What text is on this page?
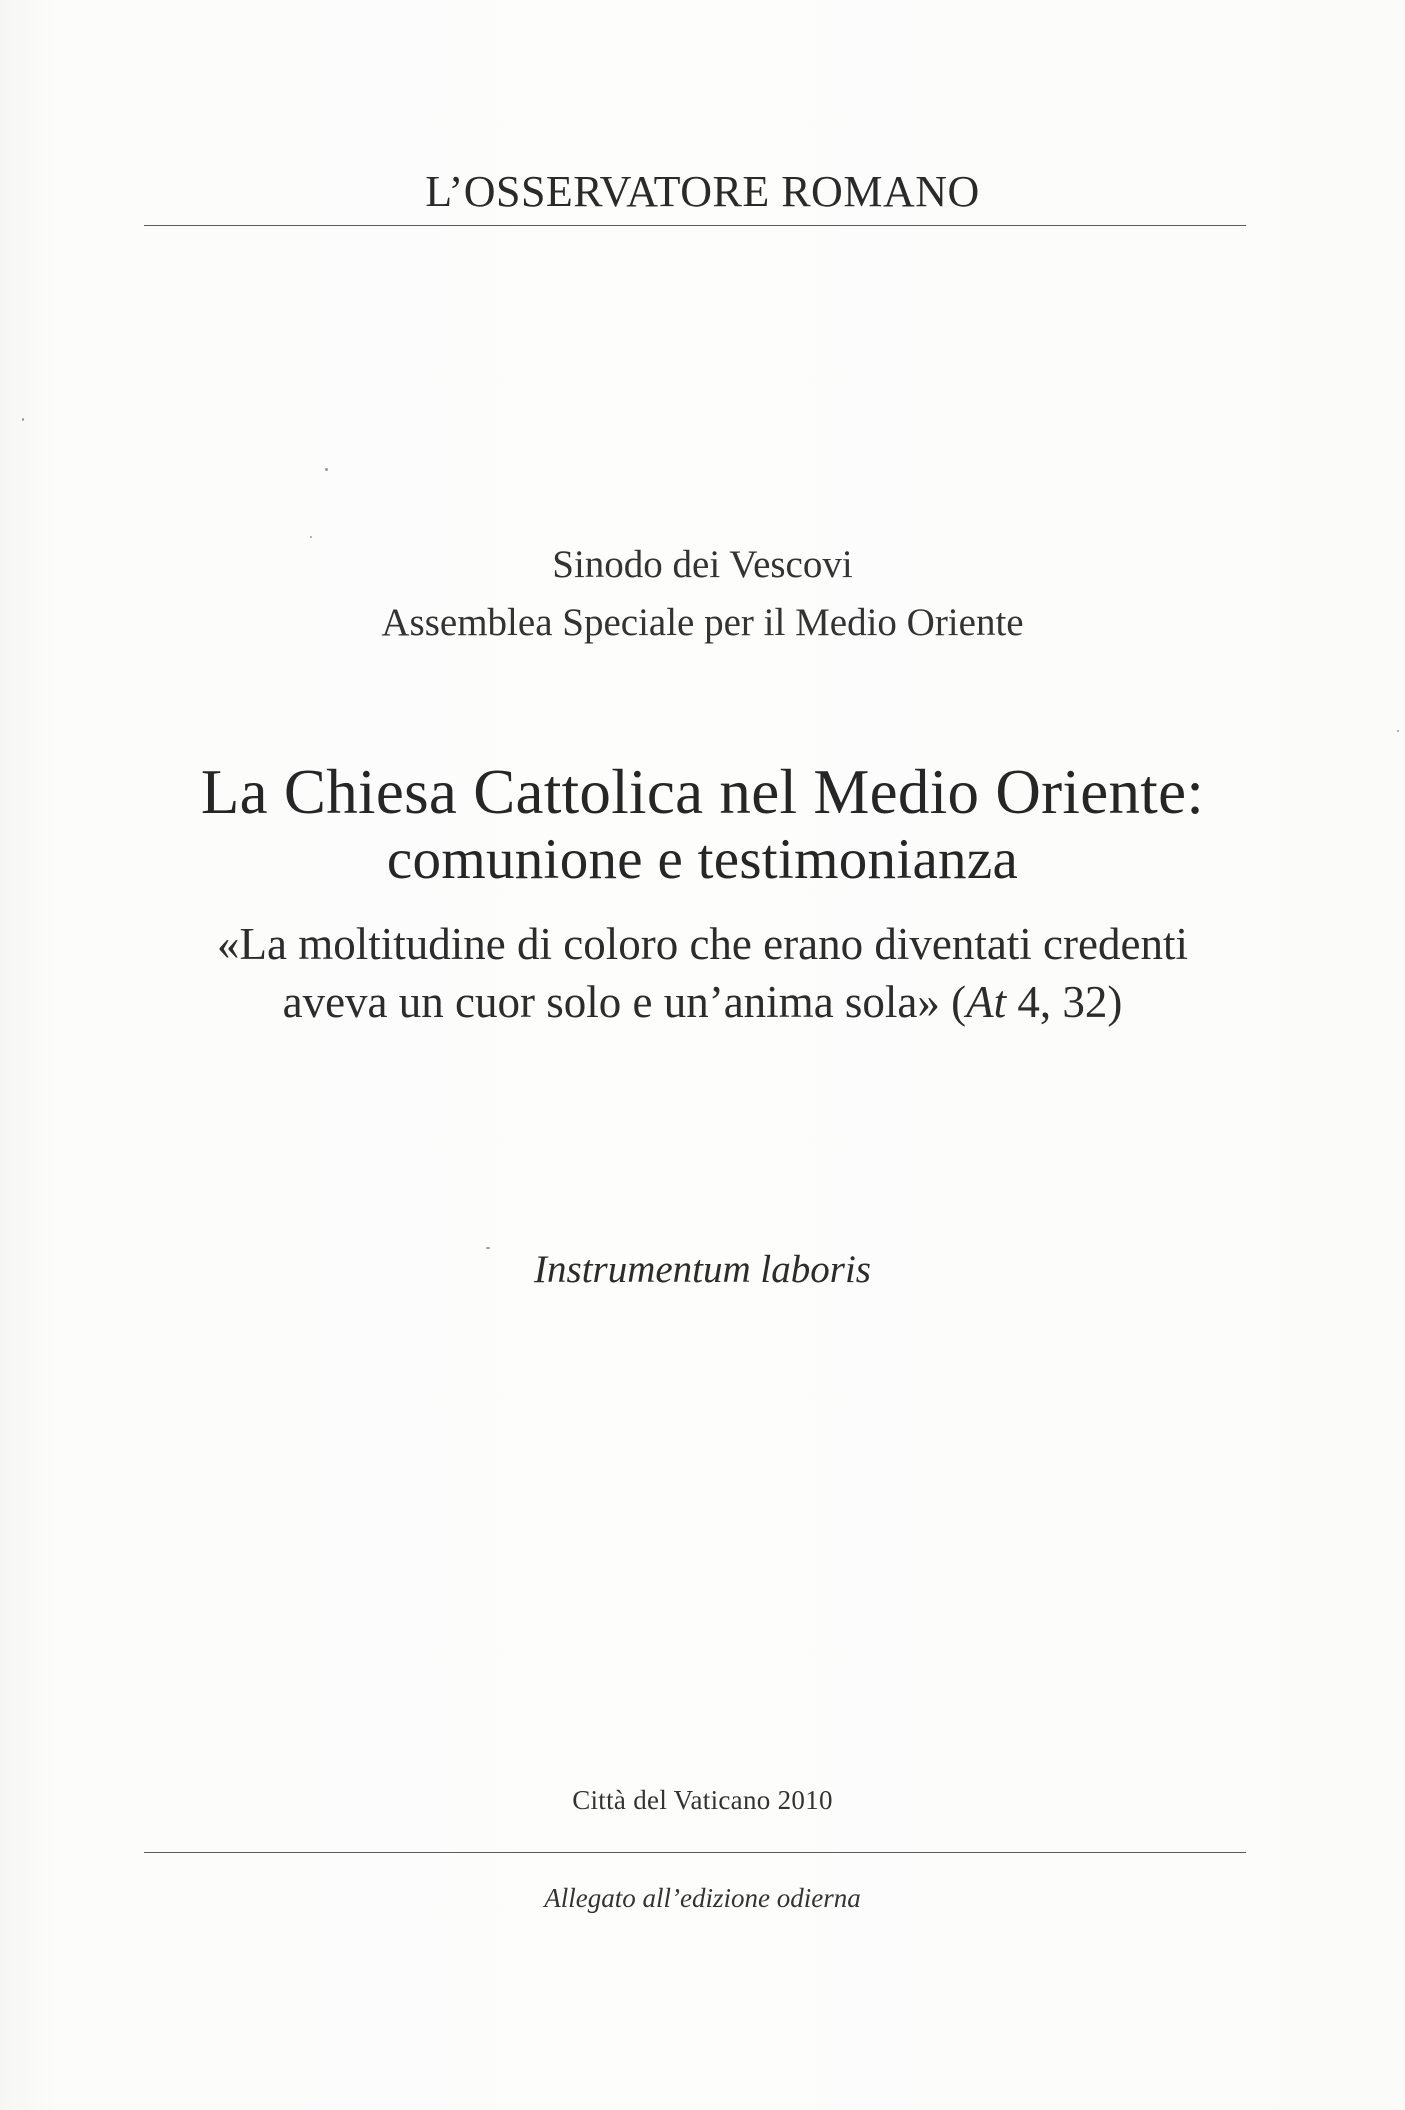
L’OSSERVATORE ROMANO
Sinodo dei Vescovi
Assemblea Speciale per il Medio Oriente
La Chiesa Cattolica nel Medio Oriente:
comunione e testimonianza
«La moltitudine di coloro che erano diventati credenti
aveva un cuor solo e un’anima sola» (At 4, 32)
Instrumentum laboris
Città del Vaticano 2010
Allegato all’edizione odierna
